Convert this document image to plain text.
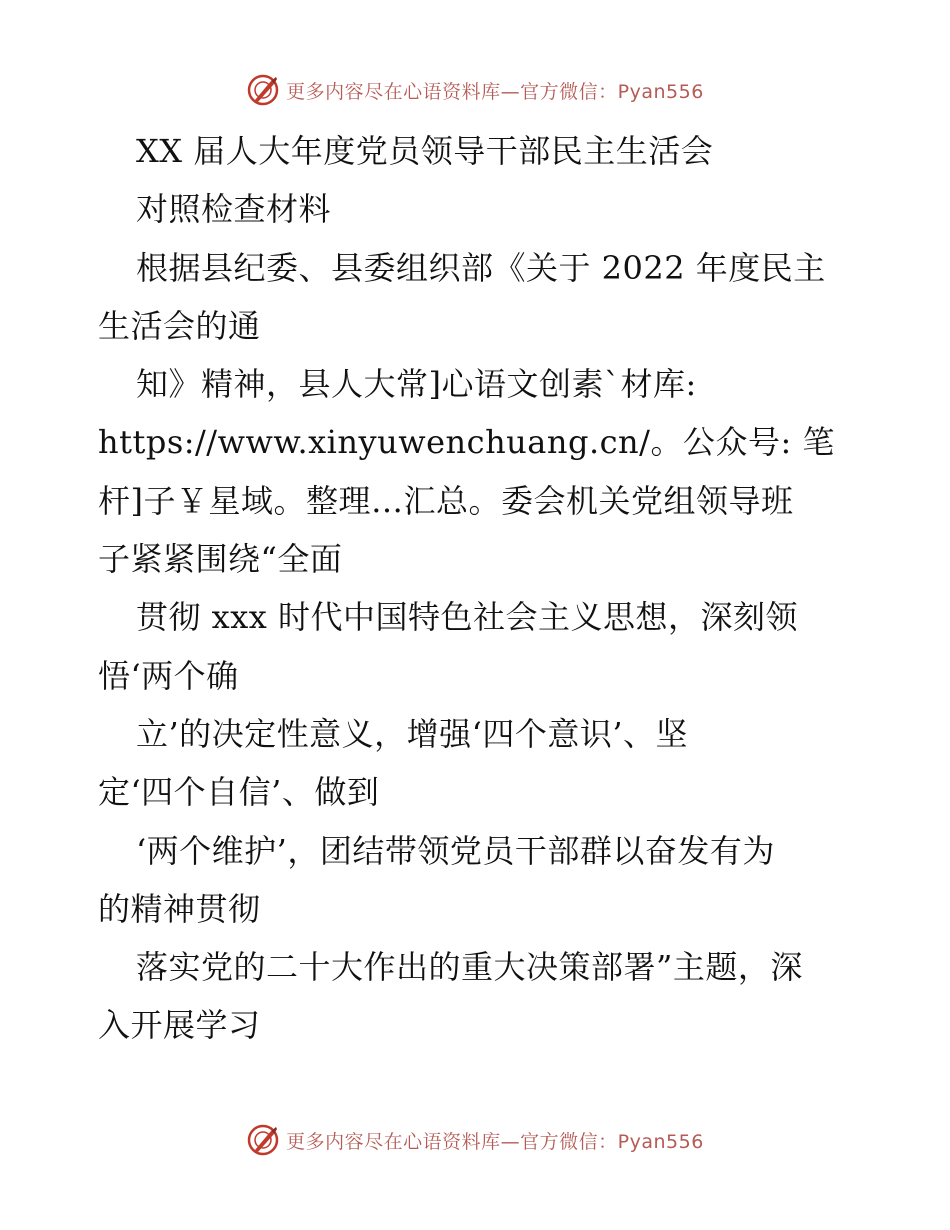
更多内容尽在心语资料库—官方微信：Pyan556
XX 届人大年度党员领导干部民主生活会
对照检查材料
根据县纪委、县委组织部《关于 2022 年度民主
生活会的通
知》精神，县人大常]心语文创素`材库:
https://www.xinyuwenchuang.cn/。公众号: 笔
杆]子￥星域。整理…汇总。委会机关党组领导班
子紧紧围绕“全面
贯彻 xxx 时代中国特色社会主义思想，深刻领
悟‘两个确
立’的决定性意义，增强‘四个意识’、坚
定‘四个自信’、做到
‘两个维护’，团结带领党员干部群以奋发有为
的精神贯彻
落实党的二十大作出的重大决策部署”主题，深
入开展学习
更多内容尽在心语资料库—官方微信：Pyan556
